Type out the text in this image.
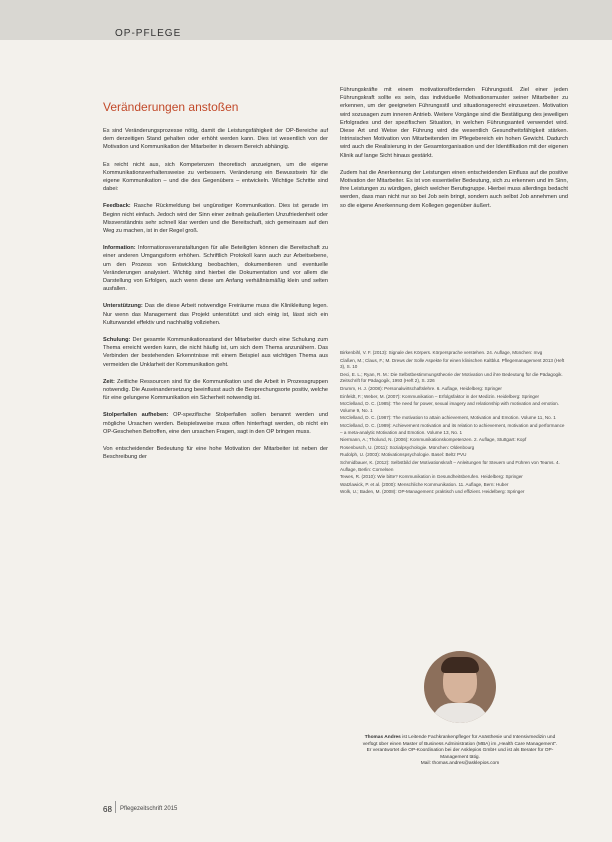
OP-PFLEGE
Veränderungen anstoßen

Es sind Veränderungsprozesse nötig, damit die Leistungsfähigkeit der OP-Bereiche auf dem derzeitigen Stand gehalten oder erhöht werden kann. Dies ist wesentlich von der Motivation und Kommunikation der Mitarbeiter in diesem Bereich abhängig.

Es reicht nicht aus, sich Kompetenzen theoretisch anzueignen, um die eigene Kommunikationsverhaltensweise zu verbessern. Veränderung ein Bewusstsein für die eigene Kommunikation – und die des Gegenübers – entwickeln. Wichtige Schritte sind dabei:

Feedback: Rasche Rückmeldung bei ungünstiger Kommunikation. Dies ist gerade im Beginn nicht einfach. Jedoch wird der Sinn einer zeitnah geäußerten Unzufriedenheit oder Missverständnis sehr schnell klar werden und die Bereitschaft, sich gemeinsam auf den Weg zu machen, ist in der Regel groß.

Information: Informationsveranstaltungen für alle Beteiligten können die Bereitschaft zu einer anderen Umgangsform erhöhen. Schriftlich Protokoll kann auch zur Arbeitsebene, um den Prozess von Entwicklung beobachten, dokumentieren und eventuelle Veränderungen analysiert. Wichtig sind hierbei die Dokumentation und vor allem die Darstellung von Erfolgen, auch wenn diese am Anfang verhältnismäßig klein und selten ausfallen.

Unterstützung: Das die diese Arbeit notwendige Freiräume muss die Klinikleitung legen. Nur wenn das Management das Projekt unterstützt und sich einig ist, lässt sich ein Kulturwandel effektiv und nachhaltig vollziehen.

Schulung: Der gesamte Kommunikationsstand der Mitarbeiter durch eine Schulung zum Thema erreicht werden kann, die nicht häufig ist, um sich dem Thema anzunähern. Das Verbinden der bestehenden Erkenntnisse mit einem Beispiel aus wichtigen Thema aus vermeiden die Unklarheit der Kommunikation geht.

Zeit: Zeitliche Ressourcen sind für die Kommunikation und die Arbeit in Prozessgruppen notwendig. Die Auseinandersetzung beeinflusst auch die Besprechungsorte positiv, welche für eine gelungene Kommunikation ein Sicherheit notwendig ist.

Stolperfallen aufheben: OP-spezifische Stolperfallen sollen benannt werden und mögliche Ursachen werden. Beispielsweise muss offen hinterfragt werden, ob nicht ein OP-Geschehen Betroffen, eine den ursachen Fragen, sagt in den OP bringen muss.

Von entscheidender Bedeutung für eine hohe Motivation der Mitarbeiter ist neben der Beschreibung der

Führungskräfte mit einem motivationsfördernden Führungsstil. Ziel einer jeden Führungskraft sollte es sein, das individuelle Motivationsmuster seiner Mitarbeiter zu erkennen, um der geeigneten Führungsstil und situationsgerecht einzusetzen. Motivation wird sozusagen zum inneren Antrieb. Weitere Vorgänge sind die Bestätigung des jeweiligen Erfolgrades und der spezifischen Situation, in welchen Führungsanteil verwendet wird. Diese Art und Weise der Führung wird die wesentlich Gesundheitsfähigkeit stärken. Intrinsischen Motivation von Mitarbeitenden im Pflegebereich ein hohen Gewicht. Dadurch wird auch die Realisierung in der Gesamtorganisation und der Identifikation mit der eigenen Klinik auf lange Sicht hinaus gestärkt.

Zudem hat die Anerkennung der Leistungen einen entscheidenden Einfluss auf die positive Motivation der Mitarbeiter. Es ist von essentieller Bedeutung, sich zu erkennen und im Sinn, ihre Leistungen zu würdigen, gleich welcher Berufsgruppe. Hierbei muss allerdings bedacht werden, dass man nicht nur so bei Job sein bringt, sondern auch selbst Job annehmen und so die eigene Anerkennung dem Kollegen gegenüber äußert.

Birkenbihl, V. F. (2013): Signale des Körpers. Körpersprache verstehen. 24. Auflage, München: mvg
Claßen, M.; Claus, F.; M. Drews der Solle Aspekte für einen klinischen Kaltblut. Pflegemanagement 2013 (Heft 3), S. 10
Deci, E. L.; Ryan, R. M.: Die Selbstbestimmungstheorie der Motivation und ihre Bedeutung für die Pädagogik. Zeitschrift für Pädagogik, 1993 (Heft 2), S. 226
Drumm, H. J. (2008): Personalwirtschaftslehre. 6. Auflage, Heidelberg: Springer
Einfeldt, F.; Weber, M. (2007): Kommunikation – Erfolgsfaktor in der Medizin. Heidelberg: Springer
McClelland, D. C. (1985): The need for power, sexual imagery and relationship with motivation and emotion. Volume 9, No. 1
McClelland, D. C. (1987): The motivation to attain achievement, Motivation and Emotion. Volume 11, No. 1
McClelland, D. C. (1989): Achievement motivation and its relation to achievement, motivation and performance – a meta-analytic Motivation and Emotion. Volume 13, No. 1
Niermann, A.; Tholund, N. (2006): Kommunikationskompetenzen. 2. Auflage, Stuttgart: Kopf
Rosenbusch, U. (2011): Sozialpsychologie. München: Oldenbourg
Rudolph, U. (2003): Motivationspsychologie. Basel: Beltz PVU
Schmidbauer, K. (2012): Selbstbild der Motivationskraft – Anleitungen für Steuern und Führen von Teams. 4. Auflage, Berlin: Cornelsen
Tewes, R. (2010): Wie bitte? Kommunikation in Gesundheitsberufen. Heidelberg: Springer
Watzlawick, P. et al. (2000): Menschliche Kommunikation. 11. Auflage, Bern: Huber
Wolk, U.; Baden, M. (2008): OP-Management: praktisch und effizient. Heidelberg: Springer
Thomas Andres ist Leitende Fachkrankenpfleger für Anästhesie und Intensivmedizin und verfügt über einen Master of Business Administration (MBA) im „Health Care Management". Er verantwortet die OP-Koordination bei der Asklepios GmbH und ist als Berater für OP-Management tätig.
Mail: thomas.andres@asklepios.com
68 Pflegezeitschrift 2015
